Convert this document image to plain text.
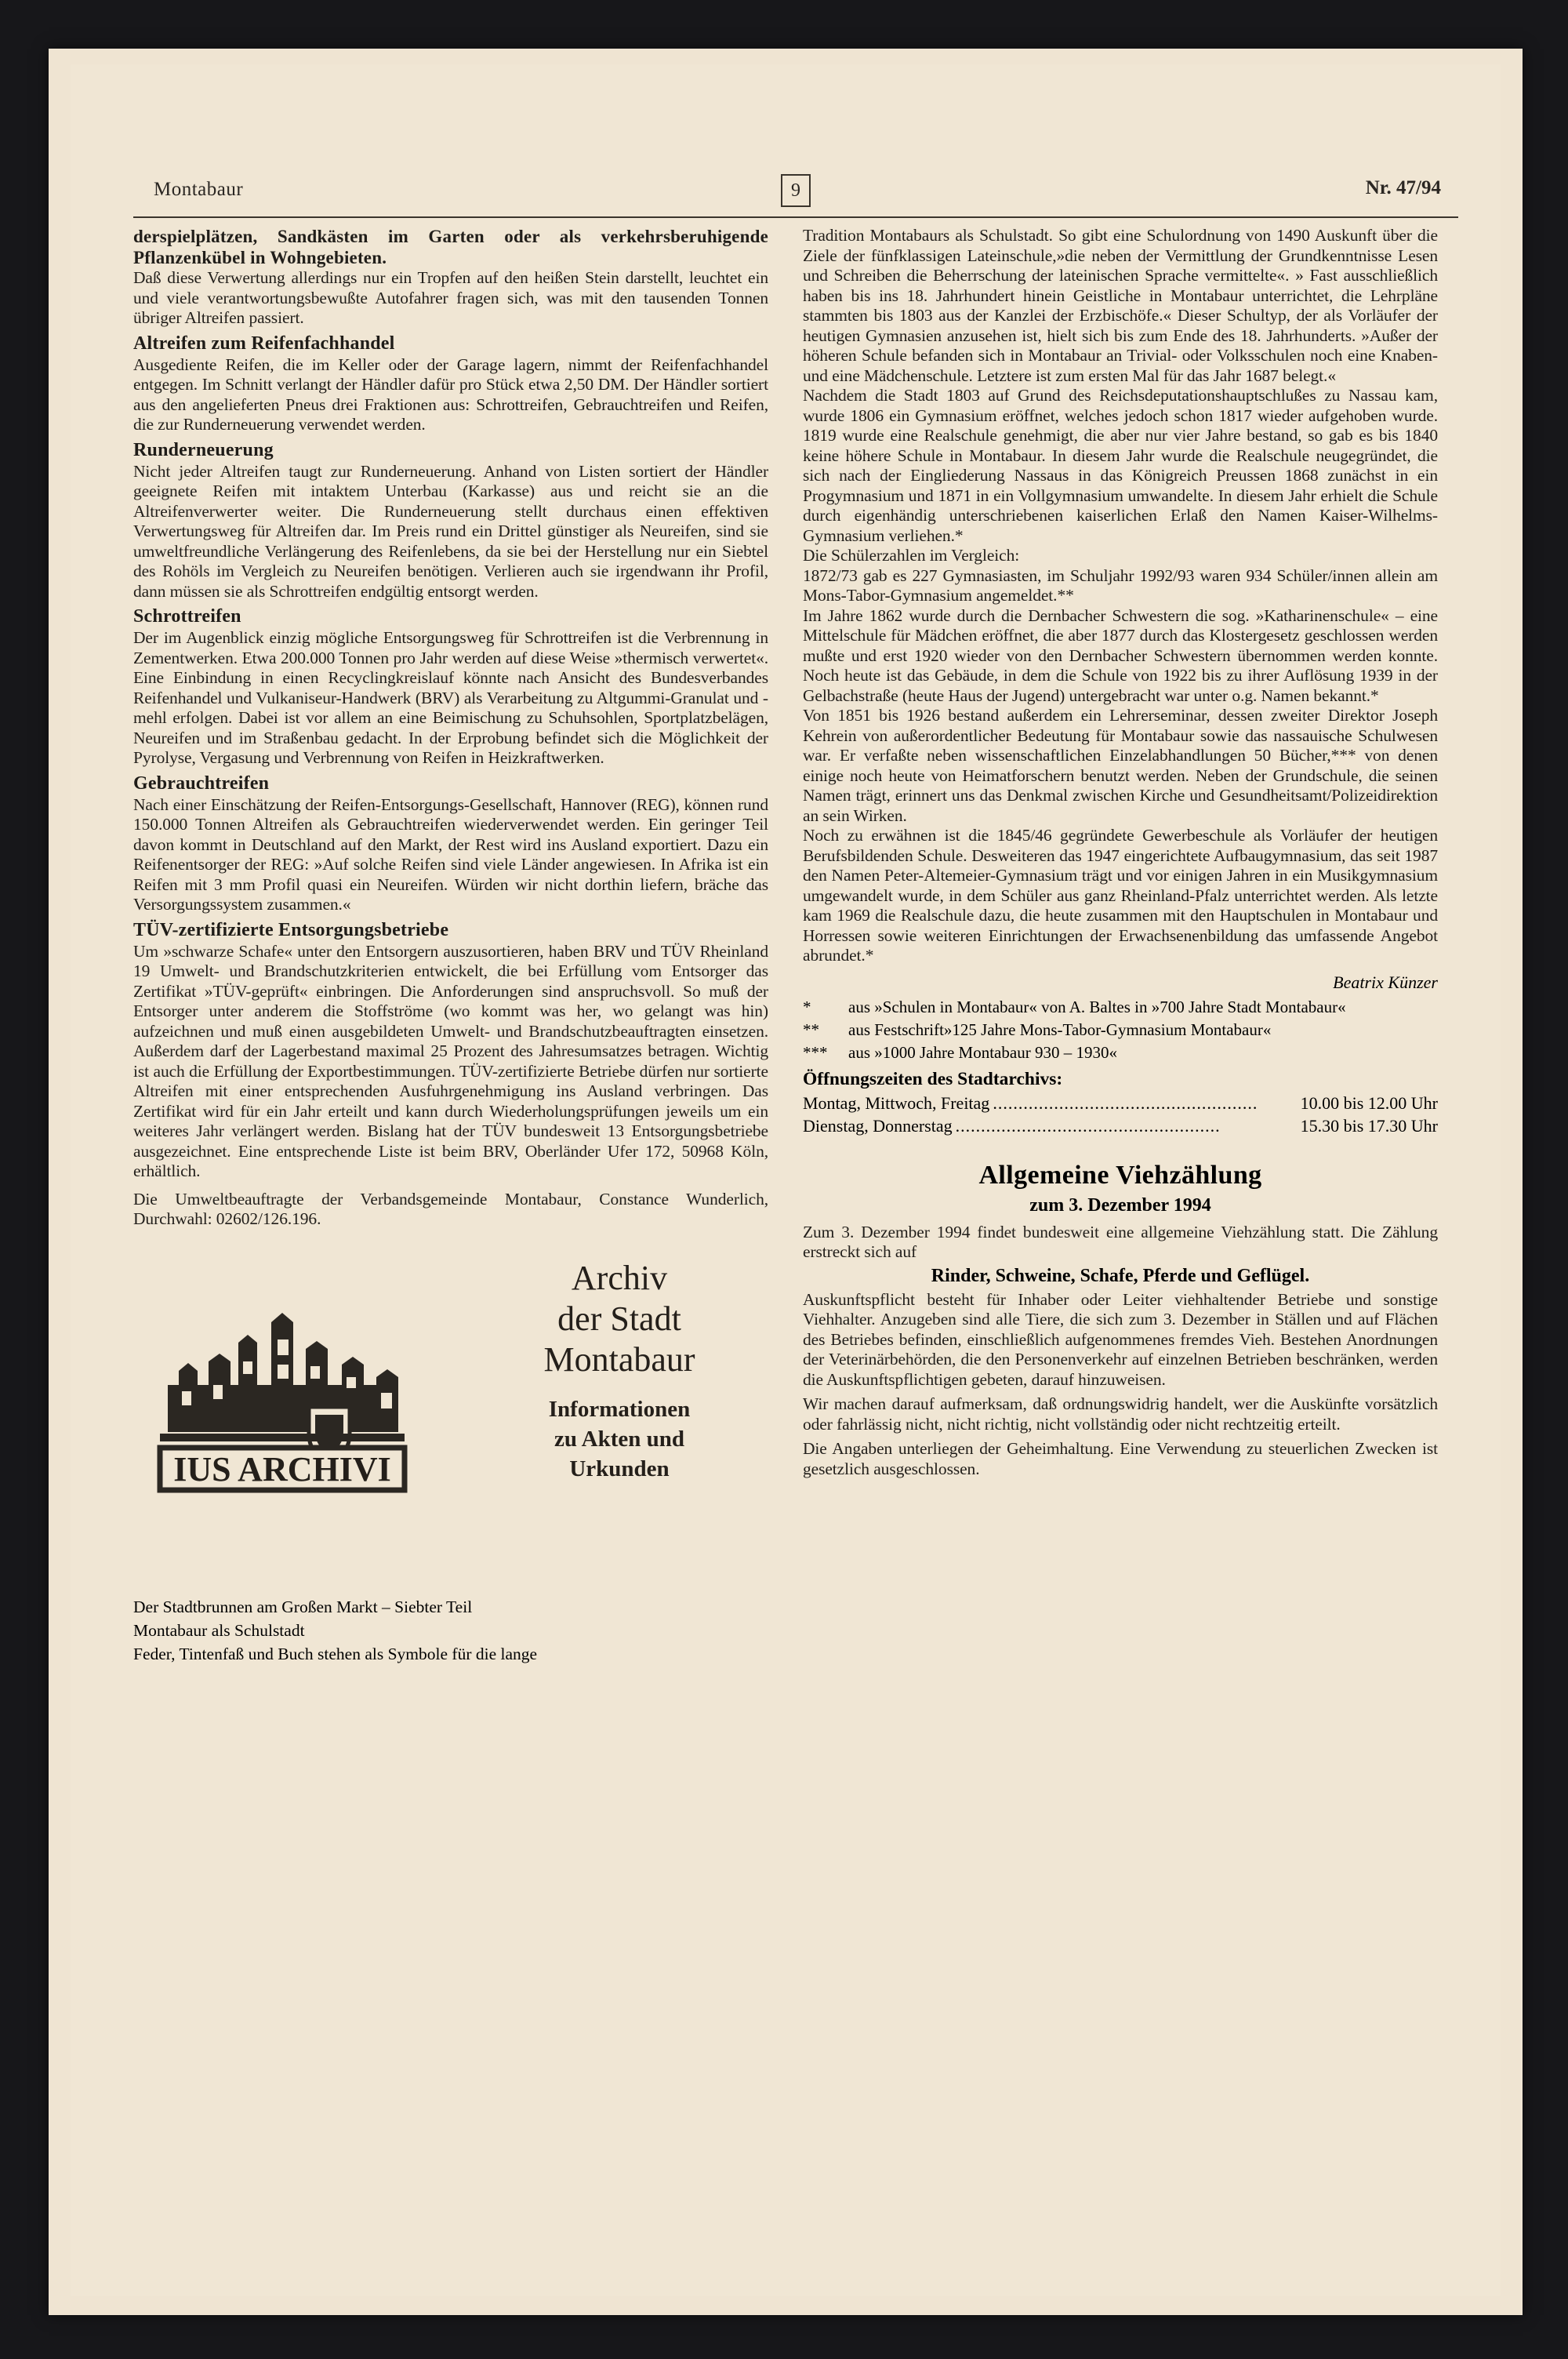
Montabaur	9	Nr. 47/94

derspielplätzen, Sandkästen im Garten oder als verkehrsberuhigende Pflanzenkübel in Wohngebieten.

Daß diese Verwertung allerdings nur ein Tropfen auf den heißen Stein darstellt, leuchtet ein und viele verantwortungsbewußte Autofahrer fragen sich, was mit den tausenden Tonnen übriger Altreifen passiert.

Altreifen zum Reifenfachhandel

Ausgediente Reifen, die im Keller oder der Garage lagern, nimmt der Reifenfachhandel entgegen. Im Schnitt verlangt der Händler dafür pro Stück etwa 2,50 DM. Der Händler sortiert aus den angelieferten Pneus drei Fraktionen aus: Schrottreifen, Gebrauchtreifen und Reifen, die zur Runderneuerung verwendet werden.

Runderneuerung

Nicht jeder Altreifen taugt zur Runderneuerung. Anhand von Listen sortiert der Händler geeignete Reifen mit intaktem Unterbau (Karkasse) aus und reicht sie an die Altreifenverwerter weiter. Die Runderneuerung stellt durchaus einen effektiven Verwertungsweg für Altreifen dar. Im Preis rund ein Drittel günstiger als Neureifen, sind sie umweltfreundliche Verlängerung des Reifenlebens, da sie bei der Herstellung nur ein Siebtel des Rohöls im Vergleich zu Neureifen benötigen. Verlieren auch sie irgendwann ihr Profil, dann müssen sie als Schrottreifen endgültig entsorgt werden.

Schrottreifen

Der im Augenblick einzig mögliche Entsorgungsweg für Schrottreifen ist die Verbrennung in Zementwerken. Etwa 200.000 Tonnen pro Jahr werden auf diese Weise »thermisch verwertet«. Eine Einbindung in einen Recyclingkreislauf könnte nach Ansicht des Bundesverbandes Reifenhandel und Vulkaniseur-Handwerk (BRV) als Verarbeitung zu Altgummi-Granulat und -mehl erfolgen. Dabei ist vor allem an eine Beimischung zu Schuhsohlen, Sportplatzbelägen, Neureifen und im Straßenbau gedacht. In der Erprobung befindet sich die Möglichkeit der Pyrolyse, Vergasung und Verbrennung von Reifen in Heizkraftwerken.

Gebrauchtreifen

Nach einer Einschätzung der Reifen-Entsorgungs-Gesellschaft, Hannover (REG), können rund 150.000 Tonnen Altreifen als Gebrauchtreifen wiederverwendet werden. Ein geringer Teil davon kommt in Deutschland auf den Markt, der Rest wird ins Ausland exportiert. Dazu ein Reifenentsorger der REG: »Auf solche Reifen sind viele Länder angewiesen. In Afrika ist ein Reifen mit 3 mm Profil quasi ein Neureifen. Würden wir nicht dorthin liefern, bräche das Versorgungssystem zusammen.«

TÜV-zertifizierte Entsorgungsbetriebe

Um »schwarze Schafe« unter den Entsorgern auszusortieren, haben BRV und TÜV Rheinland 19 Umwelt- und Brandschutzkriterien entwickelt, die bei Erfüllung vom Entsorger das Zertifikat »TÜV-geprüft« einbringen. Die Anforderungen sind anspruchsvoll. So muß der Entsorger unter anderem die Stoffströme (wo kommt was her, wo gelangt was hin) aufzeichnen und muß einen ausgebildeten Umwelt- und Brandschutzbeauftragten einsetzen. Außerdem darf der Lagerbestand maximal 25 Prozent des Jahresumsatzes betragen. Wichtig ist auch die Erfüllung der Exportbestimmungen. TÜV-zertifizierte Betriebe dürfen nur sortierte Altreifen mit einer entsprechenden Ausfuhrgenehmigung ins Ausland verbringen. Das Zertifikat wird für ein Jahr erteilt und kann durch Wiederholungsprüfungen jeweils um ein weiteres Jahr verlängert werden. Bislang hat der TÜV bundesweit 13 Entsorgungsbetriebe ausgezeichnet. Eine entsprechende Liste ist beim BRV, Oberländer Ufer 172, 50968 Köln, erhältlich.

Die Umweltbeauftragte der Verbandsgemeinde Montabaur, Constance Wunderlich, Durchwahl: 02602/126.196.

IUS ARCHIVI
Archiv
der Stadt
Montabaur
Informationen
zu Akten und
Urkunden
Der Stadtbrunnen am Großen Markt – Siebter Teil
Montabaur als Schulstadt
Feder, Tintenfaß und Buch stehen als Symbole für die lange

Tradition Montabaurs als Schulstadt. So gibt eine Schulordnung von 1490 Auskunft über die Ziele der fünfklassigen Lateinschule,»die neben der Vermittlung der Grundkenntnisse Lesen und Schreiben die Beherrschung der lateinischen Sprache vermittelte«. » Fast ausschließlich haben bis ins 18. Jahrhundert hinein Geistliche in Montabaur unterrichtet, die Lehrpläne stammten bis 1803 aus der Kanzlei der Erzbischöfe.« Dieser Schultyp, der als Vorläufer der heutigen Gymnasien anzusehen ist, hielt sich bis zum Ende des 18. Jahrhunderts. »Außer der höheren Schule befanden sich in Montabaur an Trivial- oder Volksschulen noch eine Knaben- und eine Mädchenschule. Letztere ist zum ersten Mal für das Jahr 1687 belegt.«

Nachdem die Stadt 1803 auf Grund des Reichsdeputationshauptschlußes zu Nassau kam, wurde 1806 ein Gymnasium eröffnet, welches jedoch schon 1817 wieder aufgehoben wurde. 1819 wurde eine Realschule genehmigt, die aber nur vier Jahre bestand, so gab es bis 1840 keine höhere Schule in Montabaur. In diesem Jahr wurde die Realschule neugegründet, die sich nach der Eingliederung Nassaus in das Königreich Preussen 1868 zunächst in ein Progymnasium und 1871 in ein Vollgymnasium umwandelte. In diesem Jahr erhielt die Schule durch eigenhändig unterschriebenen kaiserlichen Erlaß den Namen Kaiser-Wilhelms-Gymnasium verliehen.*

Die Schülerzahlen im Vergleich:

1872/73 gab es 227 Gymnasiasten, im Schuljahr 1992/93 waren 934 Schüler/innen allein am Mons-Tabor-Gymnasium angemeldet.**

Im Jahre 1862 wurde durch die Dernbacher Schwestern die sog. »Katharinenschule« – eine Mittelschule für Mädchen eröffnet, die aber 1877 durch das Klostergesetz geschlossen werden mußte und erst 1920 wieder von den Dernbacher Schwestern übernommen werden konnte. Noch heute ist das Gebäude, in dem die Schule von 1922 bis zu ihrer Auflösung 1939 in der Gelbachstraße (heute Haus der Jugend) untergebracht war unter o.g. Namen bekannt.*

Von 1851 bis 1926 bestand außerdem ein Lehrerseminar, dessen zweiter Direktor Joseph Kehrein von außerordentlicher Bedeutung für Montabaur sowie das nassauische Schulwesen war. Er verfaßte neben wissenschaftlichen Einzelabhandlungen 50 Bücher,*** von denen einige noch heute von Heimatforschern benutzt werden. Neben der Grundschule, die seinen Namen trägt, erinnert uns das Denkmal zwischen Kirche und Gesundheitsamt/Polizeidirektion an sein Wirken.

Noch zu erwähnen ist die 1845/46 gegründete Gewerbeschule als Vorläufer der heutigen Berufsbildenden Schule. Desweiteren das 1947 eingerichtete Aufbaugymnasium, das seit 1987 den Namen Peter-Altemeier-Gymnasium trägt und vor einigen Jahren in ein Musikgymnasium umgewandelt wurde, in dem Schüler aus ganz Rheinland-Pfalz unterrichtet werden. Als letzte kam 1969 die Realschule dazu, die heute zusammen mit den Hauptschulen in Montabaur und Horressen sowie weiteren Einrichtungen der Erwachsenenbildung das umfassende Angebot abrundet.*

Beatrix Künzer
*	aus »Schulen in Montabaur« von A. Baltes in »700 Jahre Stadt Montabaur«
**	aus Festschrift»125 Jahre Mons-Tabor-Gymnasium Montabaur«
***	aus »1000 Jahre Montabaur 930 – 1930«
Öffnungszeiten des Stadtarchivs:
Montag, Mittwoch, Freitag ....................................................	10.00 bis 12.00 Uhr
Dienstag, Donnerstag ....................................................	15.30 bis 17.30 Uhr
Allgemeine Viehzählung
zum 3. Dezember 1994

Zum 3. Dezember 1994 findet bundesweit eine allgemeine Viehzählung statt. Die Zählung erstreckt sich auf

Rinder, Schweine, Schafe, Pferde und Geflügel.

Auskunftspflicht besteht für Inhaber oder Leiter viehhaltender Betriebe und sonstige Viehhalter. Anzugeben sind alle Tiere, die sich zum 3. Dezember in Ställen und auf Flächen des Betriebes befinden, einschließlich aufgenommenes fremdes Vieh. Bestehen Anordnungen der Veterinärbehörden, die den Personenverkehr auf einzelnen Betrieben beschränken, werden die Auskunftspflichtigen gebeten, darauf hinzuweisen.

Wir machen darauf aufmerksam, daß ordnungswidrig handelt, wer die Auskünfte vorsätzlich oder fahrlässig nicht, nicht richtig, nicht vollständig oder nicht rechtzeitig erteilt.

Die Angaben unterliegen der Geheimhaltung. Eine Verwendung zu steuerlichen Zwecken ist gesetzlich ausgeschlossen.
